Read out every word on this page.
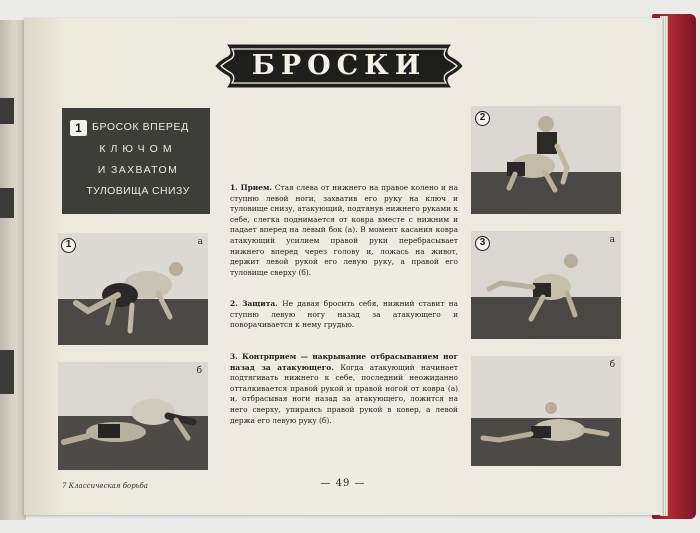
БРОСКИ
1 БРОСОК ВПЕРЕД
КЛЮЧОМ
И ЗАХВАТОМ
ТУЛОВИЩА СНИЗУ
1	а
б
2
3	а
б
1. Прием. Стая слева от нижнего на правое колено и на ступню левой ноги, захватив его руку на ключ и туловище снизу, атакующий, подтянув нижнего руками к себе, слегка поднимается от ковра вместе с нижним и падает вперед на левый бок (а). В момент касания ковра атакующий усилием правой руки перебрасывает нижнего вперед через голову и, ложась на живот, держит левой рукой его левую руку, а правой его туловище сверху (б).
2. Защита. Не давая бросить себя, нижний ставит на ступню левую ногу назад за атакующего и поворачивается к нему грудью.
3. Контрприем — накрывание отбрасыванием ног назад за атакующего. Когда атакующий начинает подтягивать нижнего к себе, последний неожиданно отталкивается правой рукой и правой ногой от ковра (а) и, отбрасывая ноги назад за атакующего, ложится на него сверху, упираясь правой рукой в ковер, а левой держа его левую руку (б).
7 Классическая борьба	— 49 —
